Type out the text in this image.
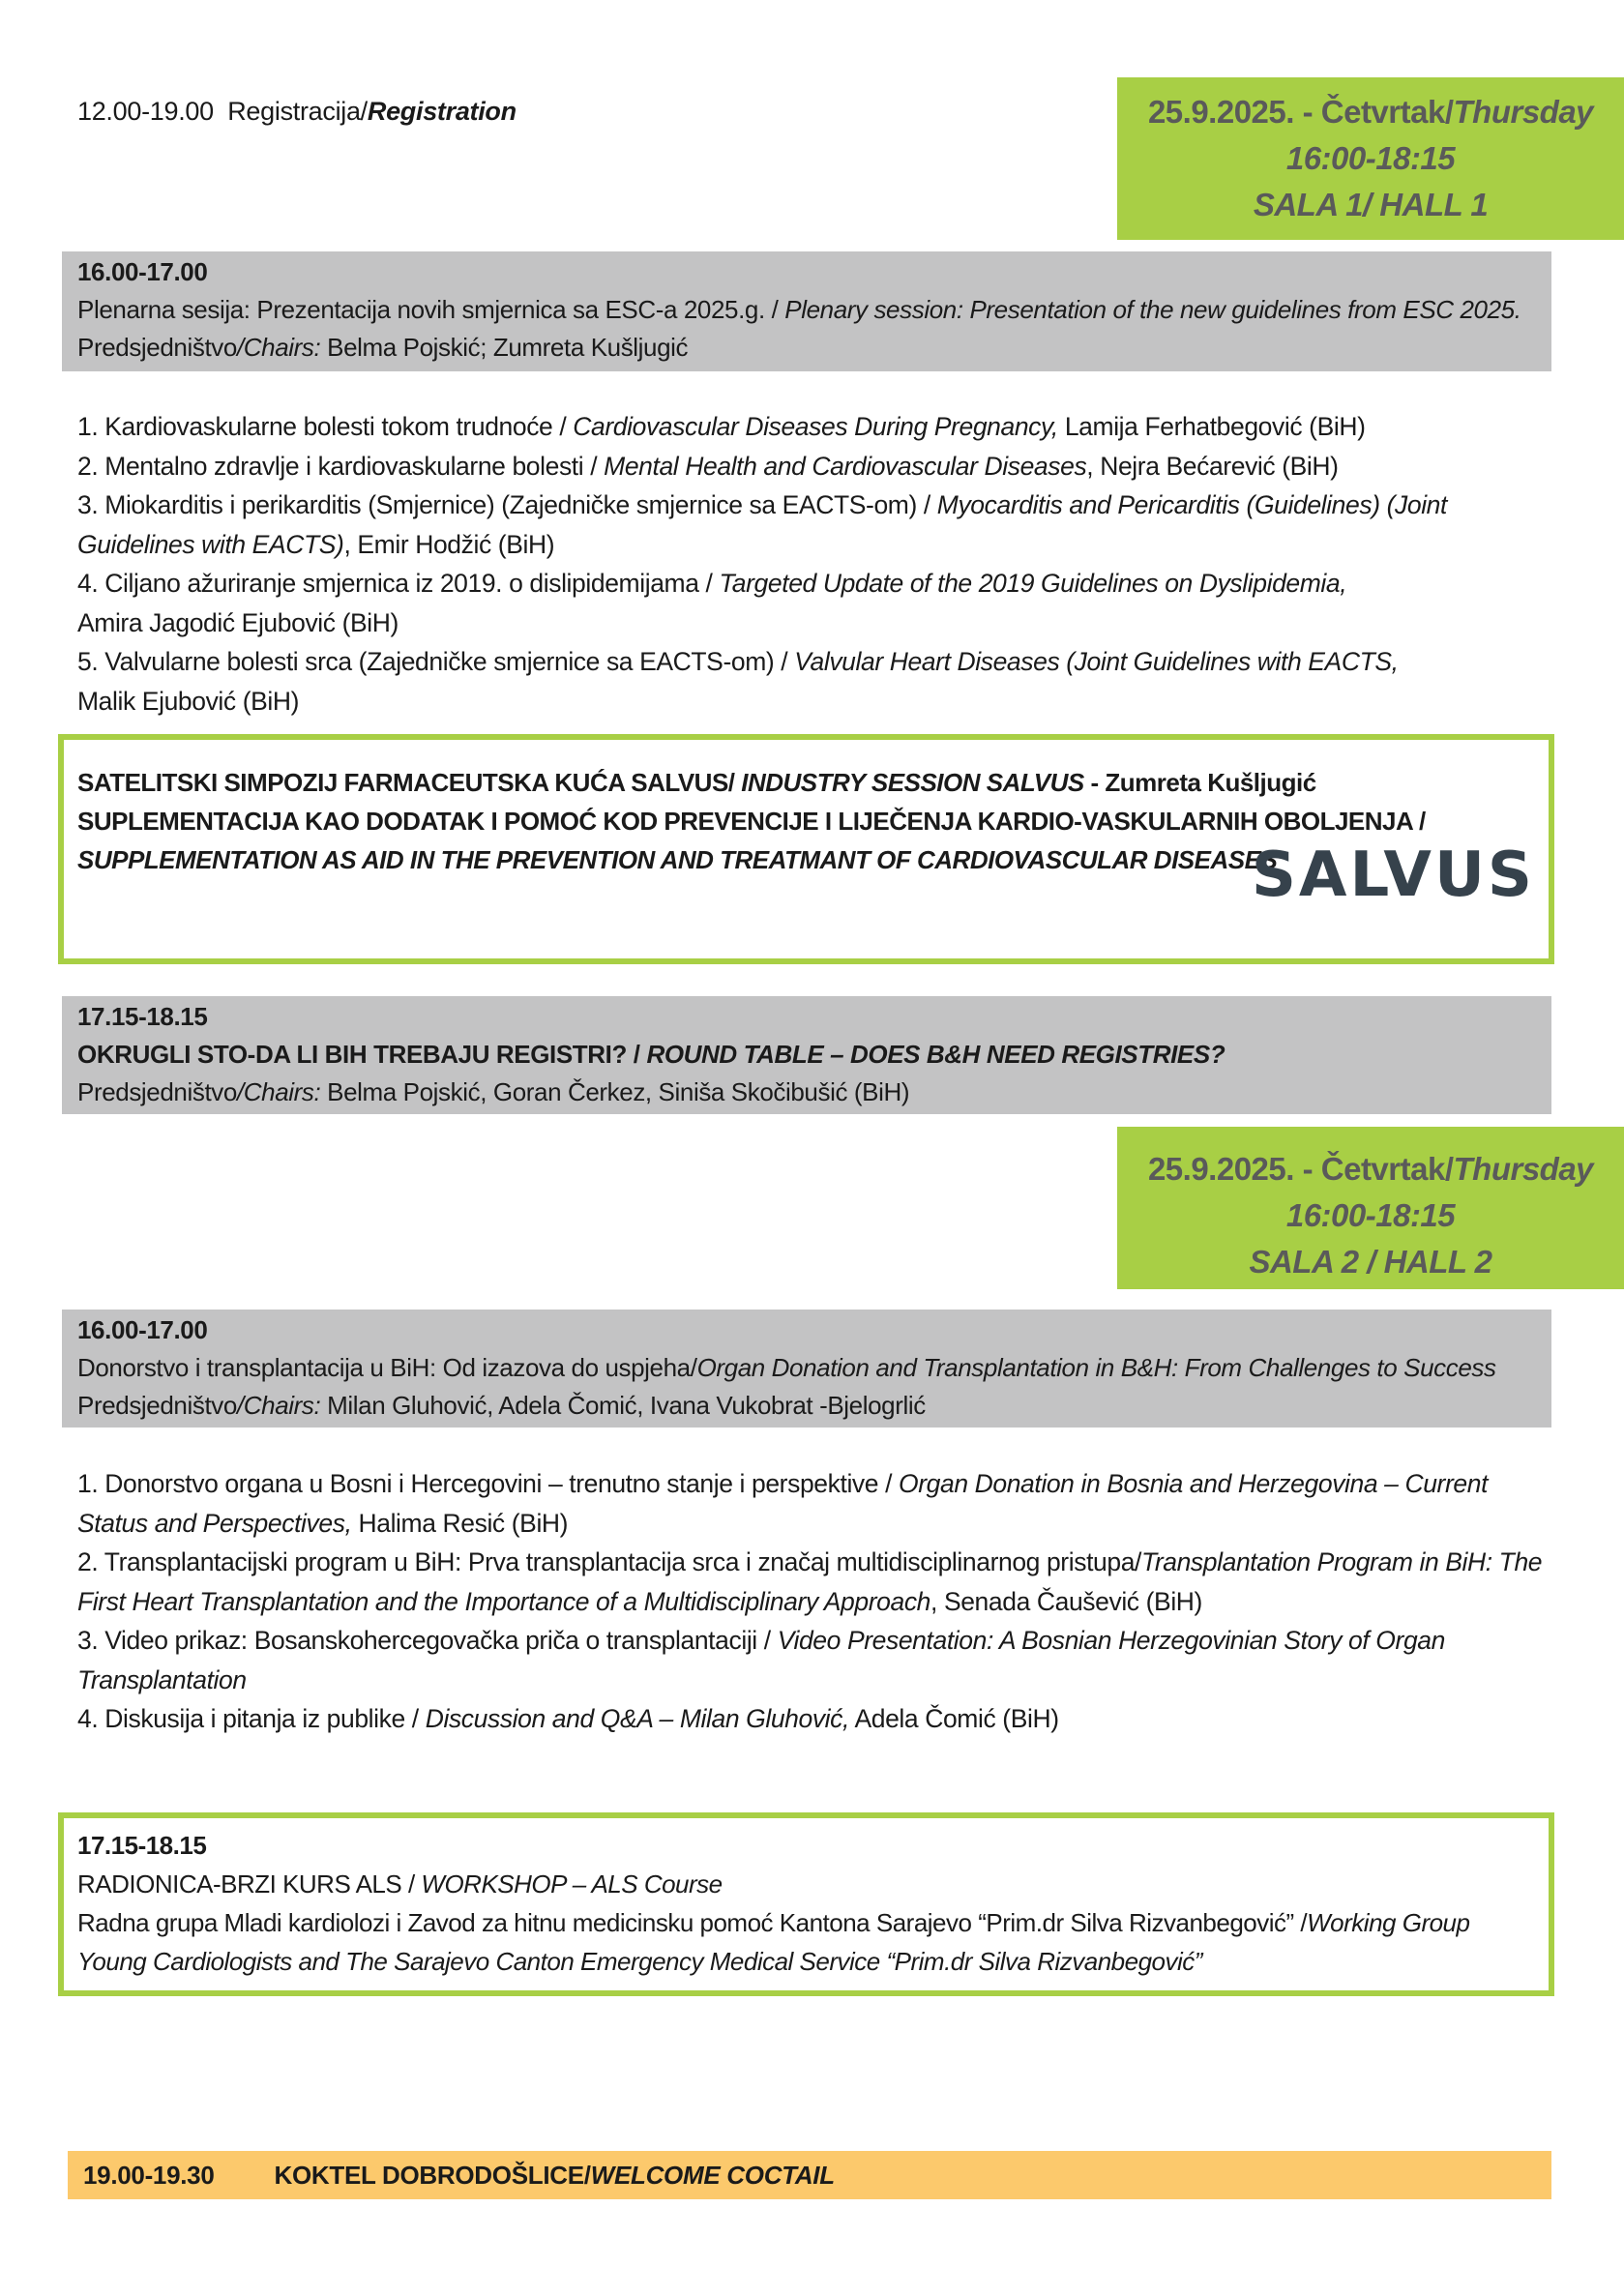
12.00-19.00 Registracija/Registration	25.9.2025. - Četvrtak/Thursday
16:00-18:15
SALA 1/ HALL 1
16.00-17.00
Plenarna sesija: Prezentacija novih smjernica sa ESC-a 2025.g. / Plenary session: Presentation of the new guidelines from ESC 2025.
Predsjedništvo/Chairs: Belma Pojskić; Zumreta Kušljugić

1. Kardiovaskularne bolesti tokom trudnoće / Cardiovascular Diseases During Pregnancy, Lamija Ferhatbegović (BiH)

2. Mentalno zdravlje i kardiovaskularne bolesti / Mental Health and Cardiovascular Diseases, Nejra Bećarević (BiH)

3. Miokarditis i perikarditis (Smjernice) (Zajedničke smjernice sa EACTS-om) / Myocarditis and Pericarditis (Guidelines) (Joint Guidelines with EACTS), Emir Hodžić (BiH)

4. Ciljano ažuriranje smjernica iz 2019. o dislipidemijama / Targeted Update of the 2019 Guidelines on Dyslipidemia,
Amira Jagodić Ejubović (BiH)

5. Valvularne bolesti srca (Zajedničke smjernice sa EACTS-om) / Valvular Heart Diseases (Joint Guidelines with EACTS,
Malik Ejubović (BiH)

SATELITSKI SIMPOZIJ FARMACEUTSKA KUĆA SALVUS/ INDUSTRY SESSION SALVUS - Zumreta Kušljugić

SUPLEMENTACIJA KAO DODATAK I POMOĆ KOD PREVENCIJE I LIJEČENJA KARDIO-VASKULARNIH OBOLJENJA / SUPPLEMENTATION AS AID IN THE PREVENTION AND TREATMANT OF CARDIOVASCULAR DISEASES

SALVUS
17.15-18.15
OKRUGLI STO-DA LI BIH TREBAJU REGISTRI? / ROUND TABLE – DOES B&H NEED REGISTRIES?
Predsjedništvo/Chairs: Belma Pojskić, Goran Čerkez, Siniša Skočibušić (BiH)
25.9.2025. - Četvrtak/Thursday
16:00-18:15
SALA 2 / HALL 2
16.00-17.00
Donorstvo i transplantacija u BiH: Od izazova do uspjeha/Organ Donation and Transplantation in B&H: From Challenges to Success
Predsjedništvo/Chairs: Milan Gluhović, Adela Čomić, Ivana Vukobrat -Bjelogrlić

1. Donorstvo organa u Bosni i Hercegovini – trenutno stanje i perspektive / Organ Donation in Bosnia and Herzegovina – Current Status and Perspectives, Halima Resić (BiH)

2. Transplantacijski program u BiH: Prva transplantacija srca i značaj multidisciplinarnog pristupa/Transplantation Program in BiH: The First Heart Transplantation and the Importance of a Multidisciplinary Approach, Senada Čaušević (BiH)

3. Video prikaz: Bosanskohercegovačka priča o transplantaciji / Video Presentation: A Bosnian Herzegovinian Story of Organ Transplantation

4. Diskusija i pitanja iz publike / Discussion and Q&A – Milan Gluhović, Adela Čomić (BiH)

17.15-18.15

RADIONICA-BRZI KURS ALS / WORKSHOP – ALS Course

Radna grupa Mladi kardiolozi i Zavod za hitnu medicinsku pomoć Kantona Sarajevo “Prim.dr Silva Rizvanbegović” /Working Group Young Cardiologists and The Sarajevo Canton Emergency Medical Service “Prim.dr Silva Rizvanbegović”

19.00-19.30 KOKTEL DOBRODOŠLICE/WELCOME COCTAIL
